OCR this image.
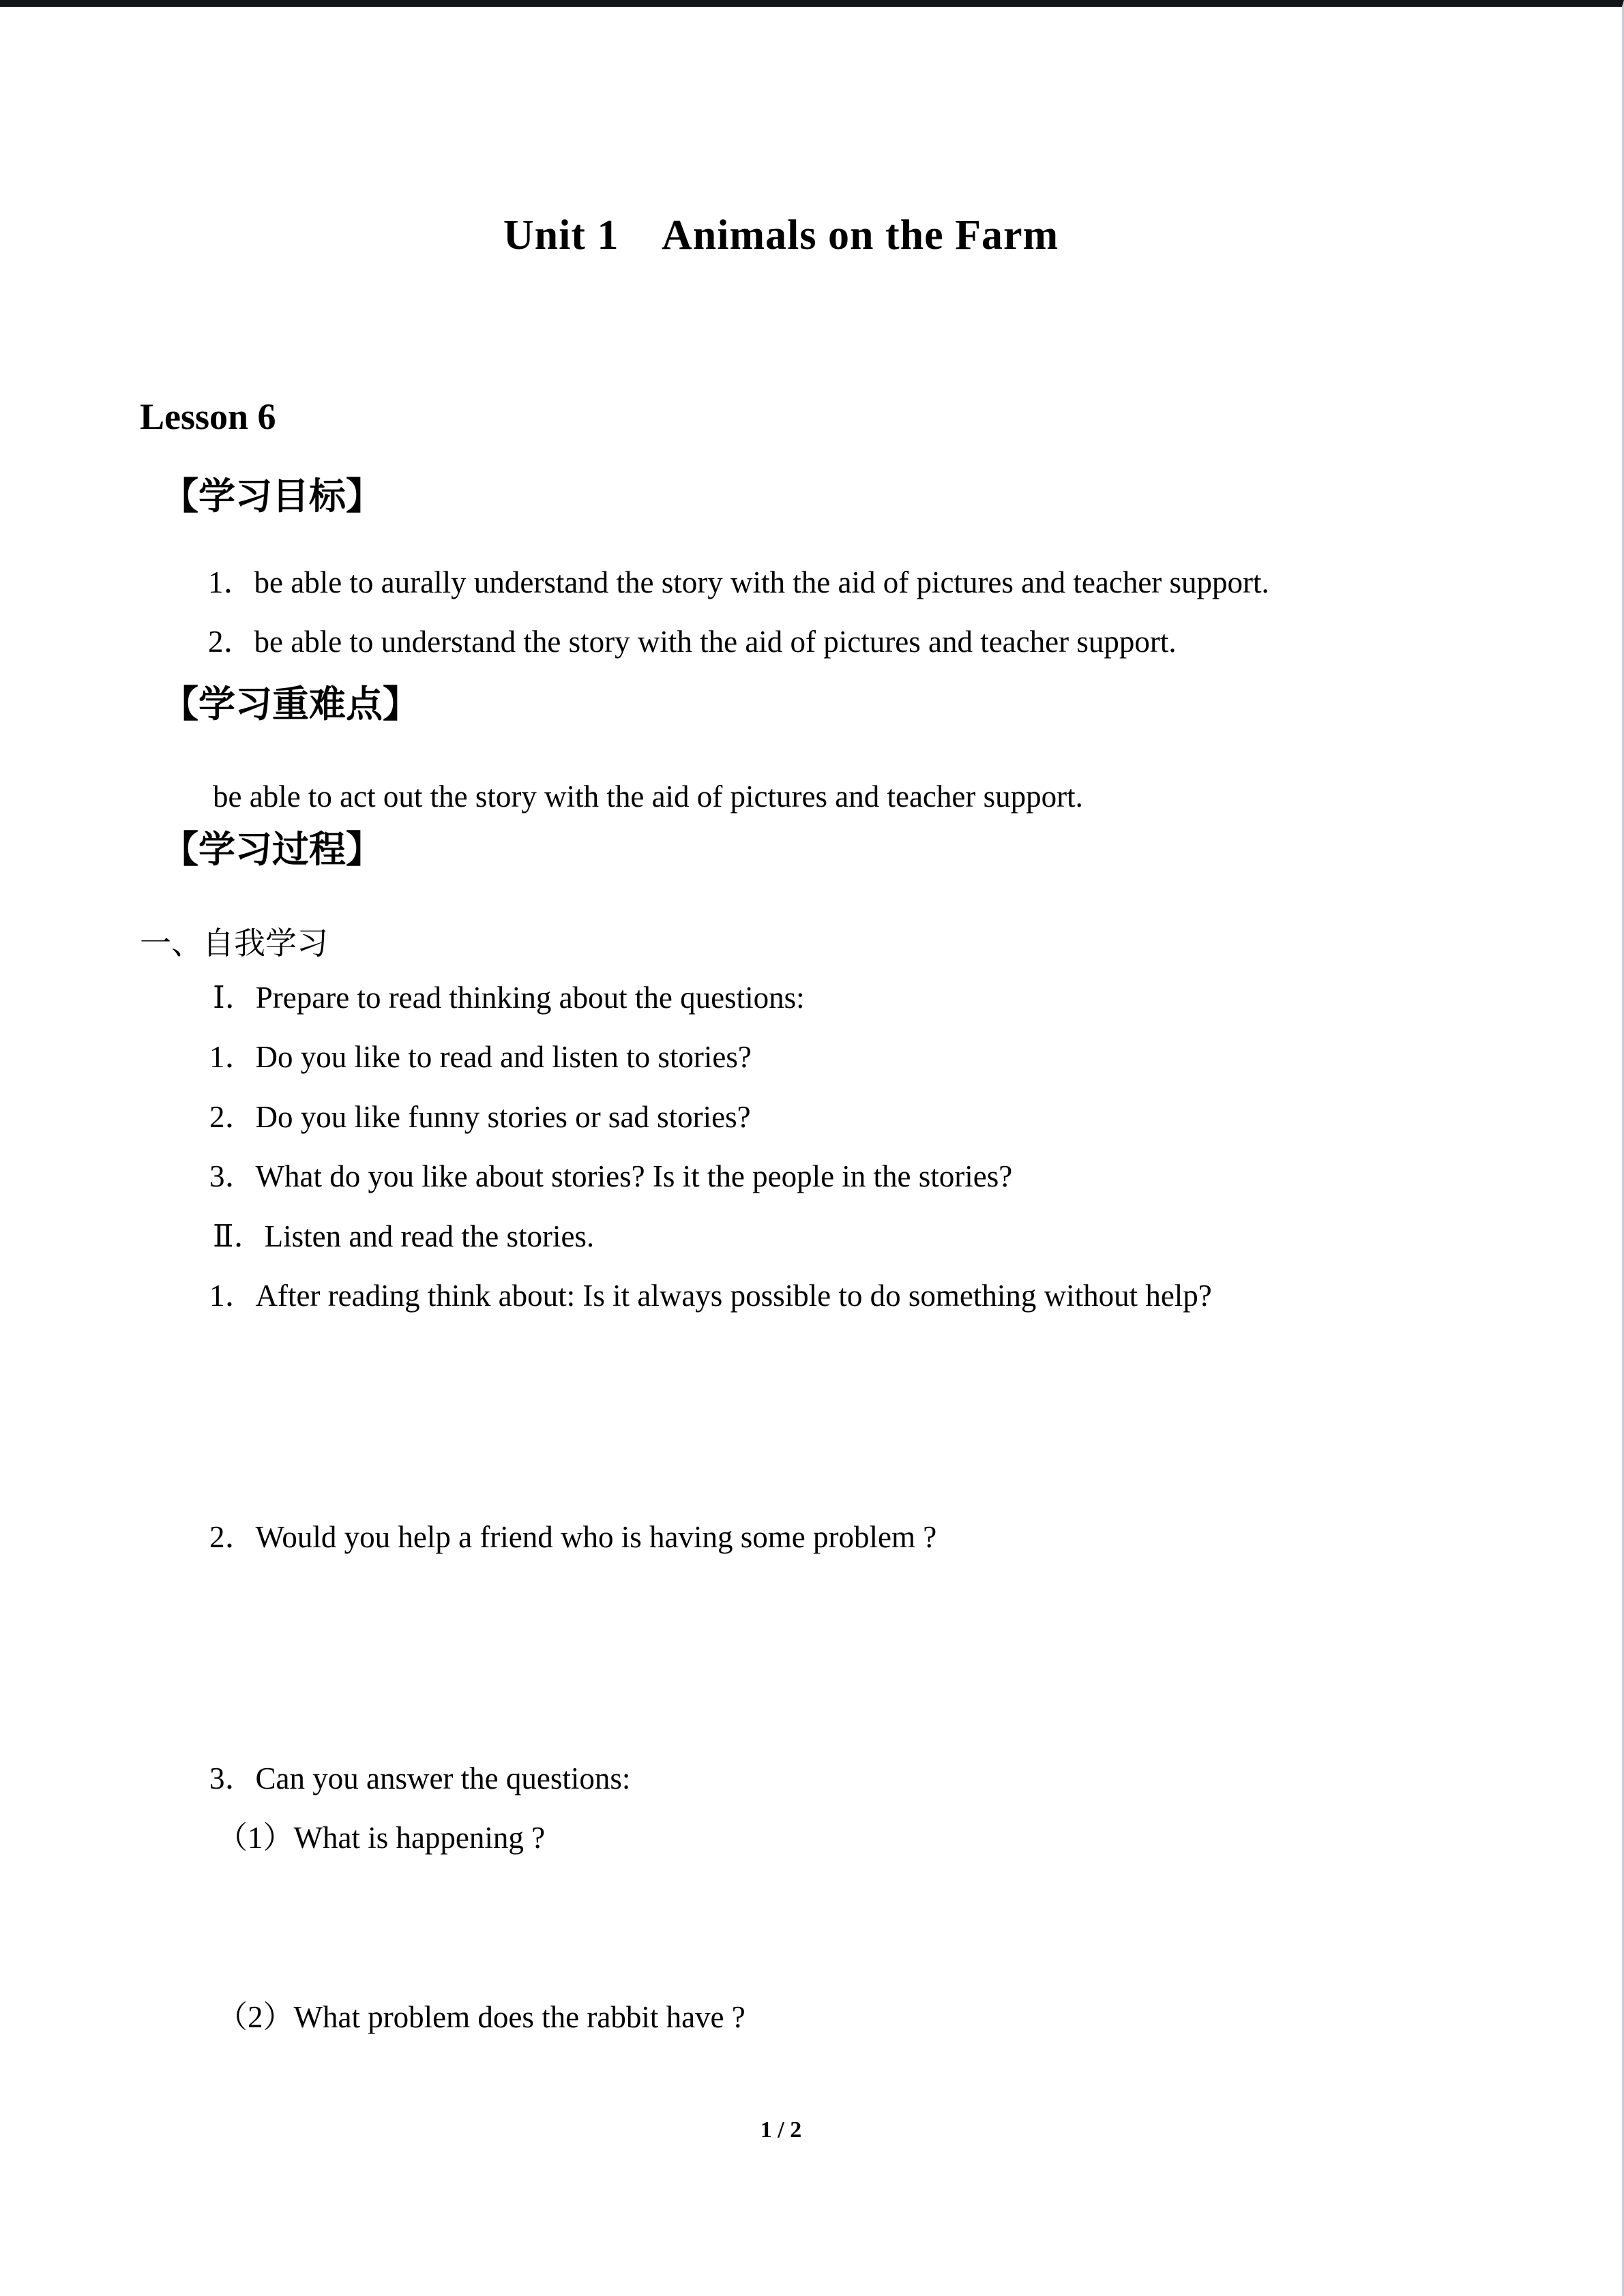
Unit 1    Animals on the Farm
Lesson 6
【学习目标】
1．be able to aurally understand the story with the aid of pictures and teacher support.
2．be able to understand the story with the aid of pictures and teacher support.
【学习重难点】
be able to act out the story with the aid of pictures and teacher support.
【学习过程】
一、自我学习
Ⅰ．Prepare to read thinking about the questions:
1．Do you like to read and listen to stories?
2．Do you like funny stories or sad stories?
3．What do you like about stories? Is it the people in the stories?
Ⅱ．Listen and read the stories.
1．After reading think about: Is it always possible to do something without help?
2．Would you help a friend who is having some problem ?
3．Can you answer the questions:
（1）What is happening ?
（2）What problem does the rabbit have ?
1 / 2
